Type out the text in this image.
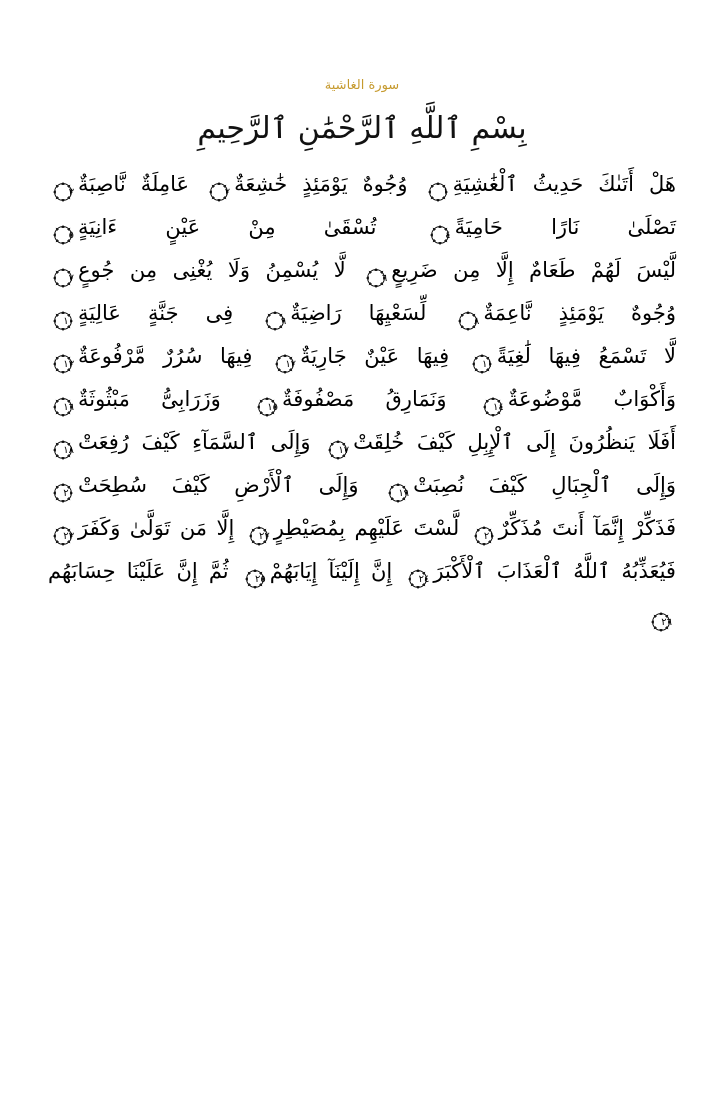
سورة الغاشية
بِسْمِ ٱللَّهِ ٱلرَّحْمَٰنِ ٱلرَّحِيمِ
هَلْ أَتَىٰكَ حَدِيثُ ٱلْغَٰشِيَةِ
١ وُجُوهٌ يَوْمَئِذٍ خَٰشِعَةٌ
٢ عَامِلَةٌ نَّاصِبَةٌ
٣ تَصْلَىٰ نَارًا حَامِيَةً
٤ تُسْقَىٰ مِنْ عَيْنٍ ءَانِيَةٍ
٥ لَّيْسَ لَهُمْ طَعَامٌ إِلَّا مِن ضَرِيعٍ
٦ لَّا يُسْمِنُ وَلَا يُغْنِى مِن جُوعٍ
٧ وُجُوهٌ يَوْمَئِذٍ نَّاعِمَةٌ
٨ لِّسَعْيِهَا رَاضِيَةٌ
٩ فِى جَنَّةٍ عَالِيَةٍ
١٠ لَّا تَسْمَعُ فِيهَا لَٰغِيَةً
١١ فِيهَا عَيْنٌ جَارِيَةٌ
١٢ فِيهَا سُرُرٌ مَّرْفُوعَةٌ
١٣ وَأَكْوَابٌ مَّوْضُوعَةٌ
١٤ وَنَمَارِقُ مَصْفُوفَةٌ
١٥ وَزَرَابِىُّ مَبْثُوثَةٌ
١٦ أَفَلَا يَنظُرُونَ إِلَى ٱلْإِبِلِ كَيْفَ خُلِقَتْ
١٧ وَإِلَى ٱلسَّمَآءِ كَيْفَ رُفِعَتْ
١٨ وَإِلَى ٱلْجِبَالِ كَيْفَ نُصِبَتْ
١٩ وَإِلَى ٱلْأَرْضِ كَيْفَ سُطِحَتْ
٢٠ فَذَكِّرْ إِنَّمَآ أَنتَ مُذَكِّرٌ
٢١ لَّسْتَ عَلَيْهِم بِمُصَيْطِرٍ
٢٢ إِلَّا مَن تَوَلَّىٰ وَكَفَرَ
٢٣ فَيُعَذِّبُهُ ٱللَّهُ ٱلْعَذَابَ ٱلْأَكْبَرَ
٢٤ إِنَّ إِلَيْنَآ إِيَابَهُمْ
٢٥ ثُمَّ إِنَّ عَلَيْنَا حِسَابَهُم
٢٦
